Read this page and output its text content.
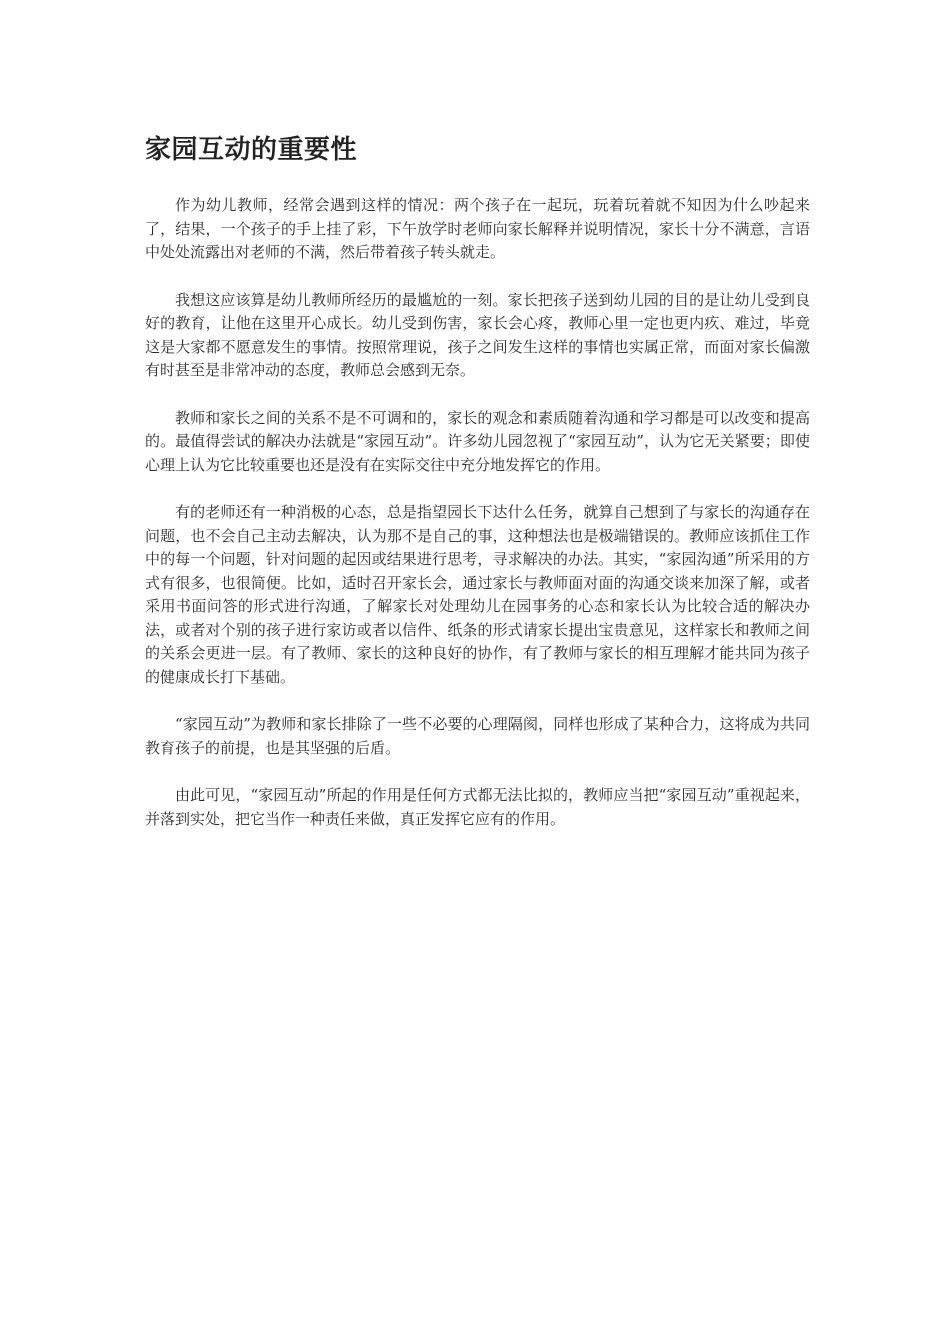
家园互动的重要性

作为幼儿教师，经常会遇到这样的情况：两个孩子在一起玩，玩着玩着就不知因为什么吵起来了，结果，一个孩子的手上挂了彩，下午放学时老师向家长解释并说明情况，家长十分不满意，言语中处处流露出对老师的不满，然后带着孩子转头就走。

我想这应该算是幼儿教师所经历的最尴尬的一刻。家长把孩子送到幼儿园的目的是让幼儿受到良好的教育，让他在这里开心成长。幼儿受到伤害，家长会心疼，教师心里一定也更内疚、难过，毕竟这是大家都不愿意发生的事情。按照常理说，孩子之间发生这样的事情也实属正常，而面对家长偏激有时甚至是非常冲动的态度，教师总会感到无奈。

教师和家长之间的关系不是不可调和的，家长的观念和素质随着沟通和学习都是可以改变和提高的。最值得尝试的解决办法就是“家园互动”。许多幼儿园忽视了“家园互动”，认为它无关紧要；即使心理上认为它比较重要也还是没有在实际交往中充分地发挥它的作用。

有的老师还有一种消极的心态，总是指望园长下达什么任务，就算自己想到了与家长的沟通存在问题，也不会自己主动去解决，认为那不是自己的事，这种想法也是极端错误的。教师应该抓住工作中的每一个问题，针对问题的起因或结果进行思考，寻求解决的办法。其实，“家园沟通”所采用的方式有很多，也很简便。比如，适时召开家长会，通过家长与教师面对面的沟通交谈来加深了解，或者采用书面问答的形式进行沟通，了解家长对处理幼儿在园事务的心态和家长认为比较合适的解决办法，或者对个别的孩子进行家访或者以信件、纸条的形式请家长提出宝贵意见，这样家长和教师之间的关系会更进一层。有了教师、家长的这种良好的协作，有了教师与家长的相互理解才能共同为孩子的健康成长打下基础。

“家园互动”为教师和家长排除了一些不必要的心理隔阂，同样也形成了某种合力，这将成为共同教育孩子的前提，也是其坚强的后盾。

由此可见，“家园互动”所起的作用是任何方式都无法比拟的，教师应当把“家园互动”重视起来，并落到实处，把它当作一种责任来做，真正发挥它应有的作用。
